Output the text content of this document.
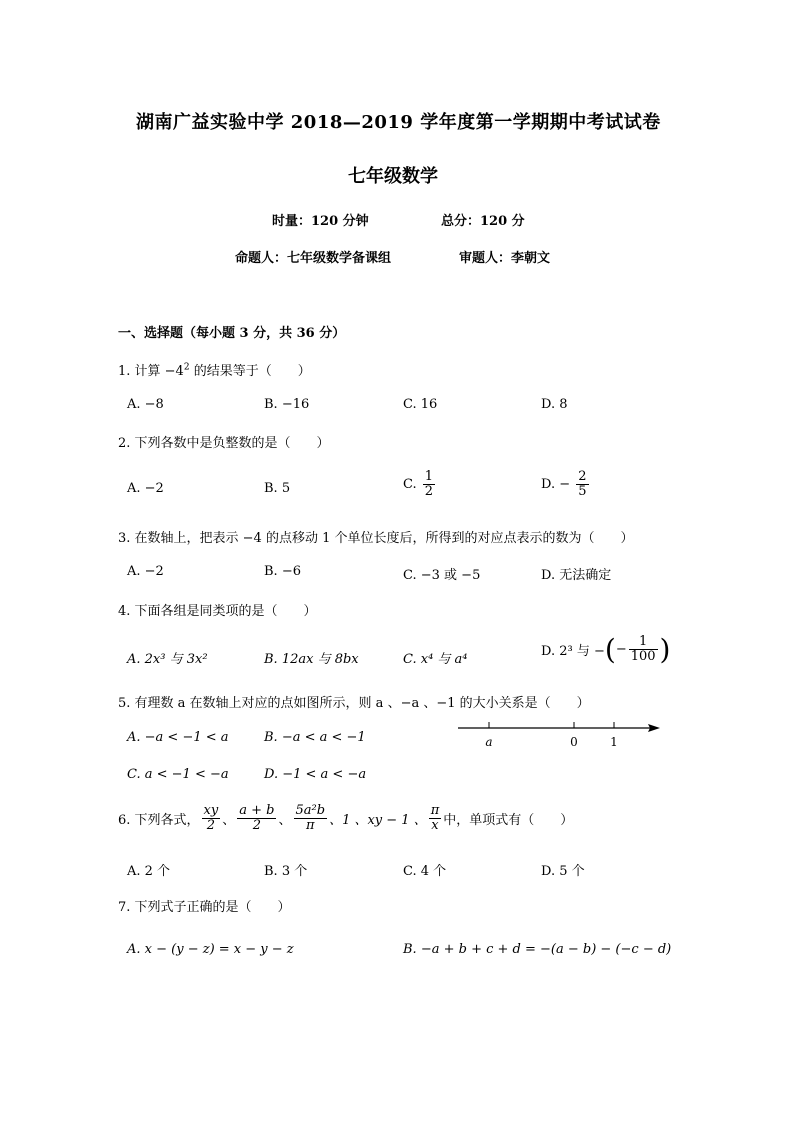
湖南广益实验中学 2018—2019 学年度第一学期期中考试试卷
七年级数学
时量：120 分钟	总分：120 分
命题人：七年级数学备课组	审题人：李朝文
一、选择题（每小题 3 分，共 36 分）
1. 计算 $-4^2$ 的结果等于（　　）
A. −8	B. −16	C. 16	D. 8
2. 下列各数中是负整数的是（　　）
A. −2	B. 5	C. $\frac{1}{2}$	D. − $\frac{2}{5}$
3. 在数轴上，把表示 −4 的点移动 1 个单位长度后，所得到的对应点表示的数为（　　）
A. −2	B. −6	C. −3 或 −5	D. 无法确定
4. 下面各组是同类项的是（　　）
A. 2x³ 与 3x²	B. 12ax 与 8bx	C. x⁴ 与 a⁴
D. 2³ 与 −(− $\frac{1}{100}$ )
5. 有理数 a 在数轴上对应的点如图所示，则 a 、−a 、−1 的大小关系是（　　）
A. −a < −1 < a	B. −a < a < −1
C. a < −1 < −a	D. −1 < a < −a
a	0	1
6. 下列各式， $\frac{xy}{2}$ 、 $\frac{a + b}{2}$ 、 $\frac{\text{5a²b}}{\pi}$ 、1 、xy − 1 、 $\frac{\pi}{x}$ 中，单项式有（　　）
A. 2 个	B. 3 个	C. 4 个	D. 5 个
7. 下列式子正确的是（　　）
A. x − (y − z) = x − y − z	B. −a + b + c + d = −(a − b) − (−c − d)
